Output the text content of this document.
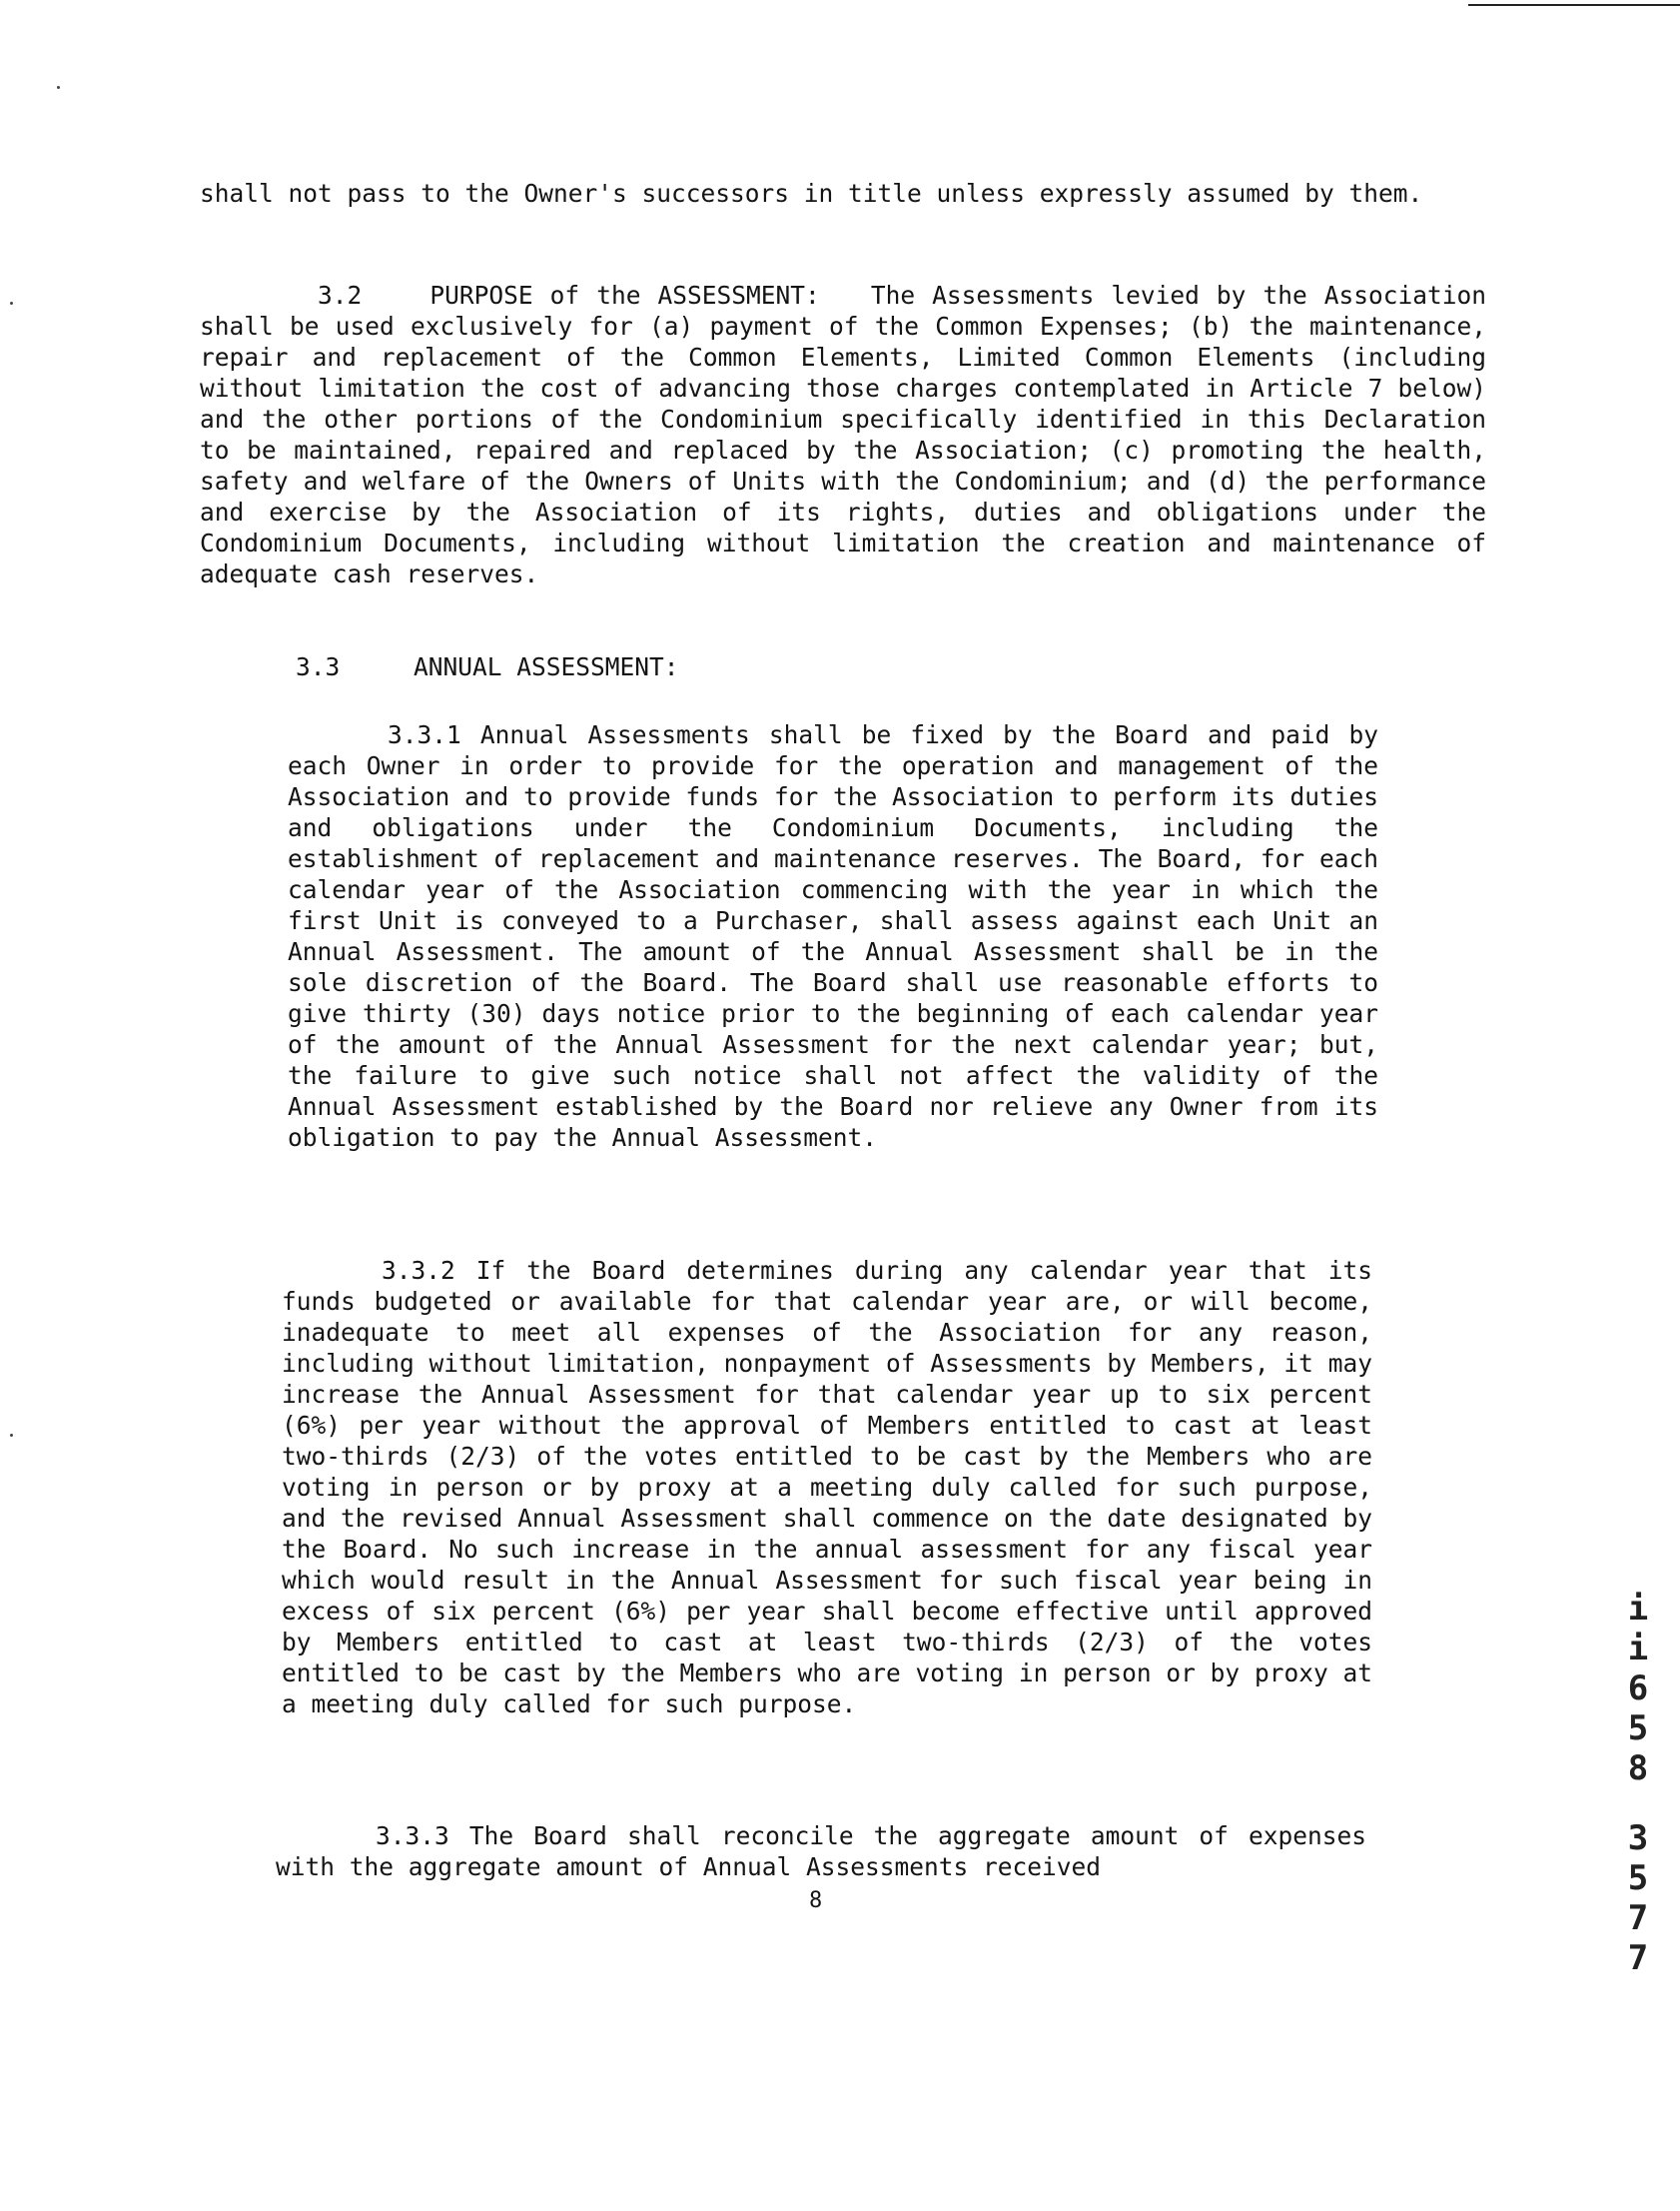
shall not pass to the Owner's successors in title unless expressly assumed by them.
3.2	PURPOSE of the ASSESSMENT: The Assessments levied by the Association shall be used exclusively for (a) payment of the Common Expenses; (b) the maintenance, repair and replacement of the Common Elements, Limited Common Elements (including without limitation the cost of advancing those charges contemplated in Article 7 below) and the other portions of the Condominium specifically identified in this Declaration to be maintained, repaired and replaced by the Association; (c) promoting the health, safety and welfare of the Owners of Units with the Condominium; and (d) the performance and exercise by the Association of its rights, duties and obligations under the Condominium Documents, including without limitation the creation and maintenance of adequate cash reserves.
3.3	ANNUAL ASSESSMENT:
3.3.1 Annual Assessments shall be fixed by the Board and paid by each Owner in order to provide for the operation and management of the Association and to provide funds for the Association to perform its duties and obligations under the Condominium Documents, including the establishment of replacement and maintenance reserves. The Board, for each calendar year of the Association commencing with the year in which the first Unit is conveyed to a Purchaser, shall assess against each Unit an Annual Assessment. The amount of the Annual Assessment shall be in the sole discretion of the Board. The Board shall use reasonable efforts to give thirty (30) days notice prior to the beginning of each calendar year of the amount of the Annual Assessment for the next calendar year; but, the failure to give such notice shall not affect the validity of the Annual Assessment established by the Board nor relieve any Owner from its obligation to pay the Annual Assessment.
3.3.2 If the Board determines during any calendar year that its funds budgeted or available for that calendar year are, or will become, inadequate to meet all expenses of the Association for any reason, including without limitation, nonpayment of Assessments by Members, it may increase the Annual Assessment for that calendar year up to six percent (6%) per year without the approval of Members entitled to cast at least two-thirds (2/3) of the votes entitled to be cast by the Members who are voting in person or by proxy at a meeting duly called for such purpose, and the revised Annual Assessment shall commence on the date designated by the Board. No such increase in the annual assessment for any fiscal year which would result in the Annual Assessment for such fiscal year being in excess of six percent (6%) per year shall become effective until approved by Members entitled to cast at least two-thirds (2/3) of the votes entitled to be cast by the Members who are voting in person or by proxy at a meeting duly called for such purpose.
3.3.3 The Board shall reconcile the aggregate amount of expenses with the aggregate amount of Annual Assessments received
8
i
i
6
5
8
3
5
7
7
